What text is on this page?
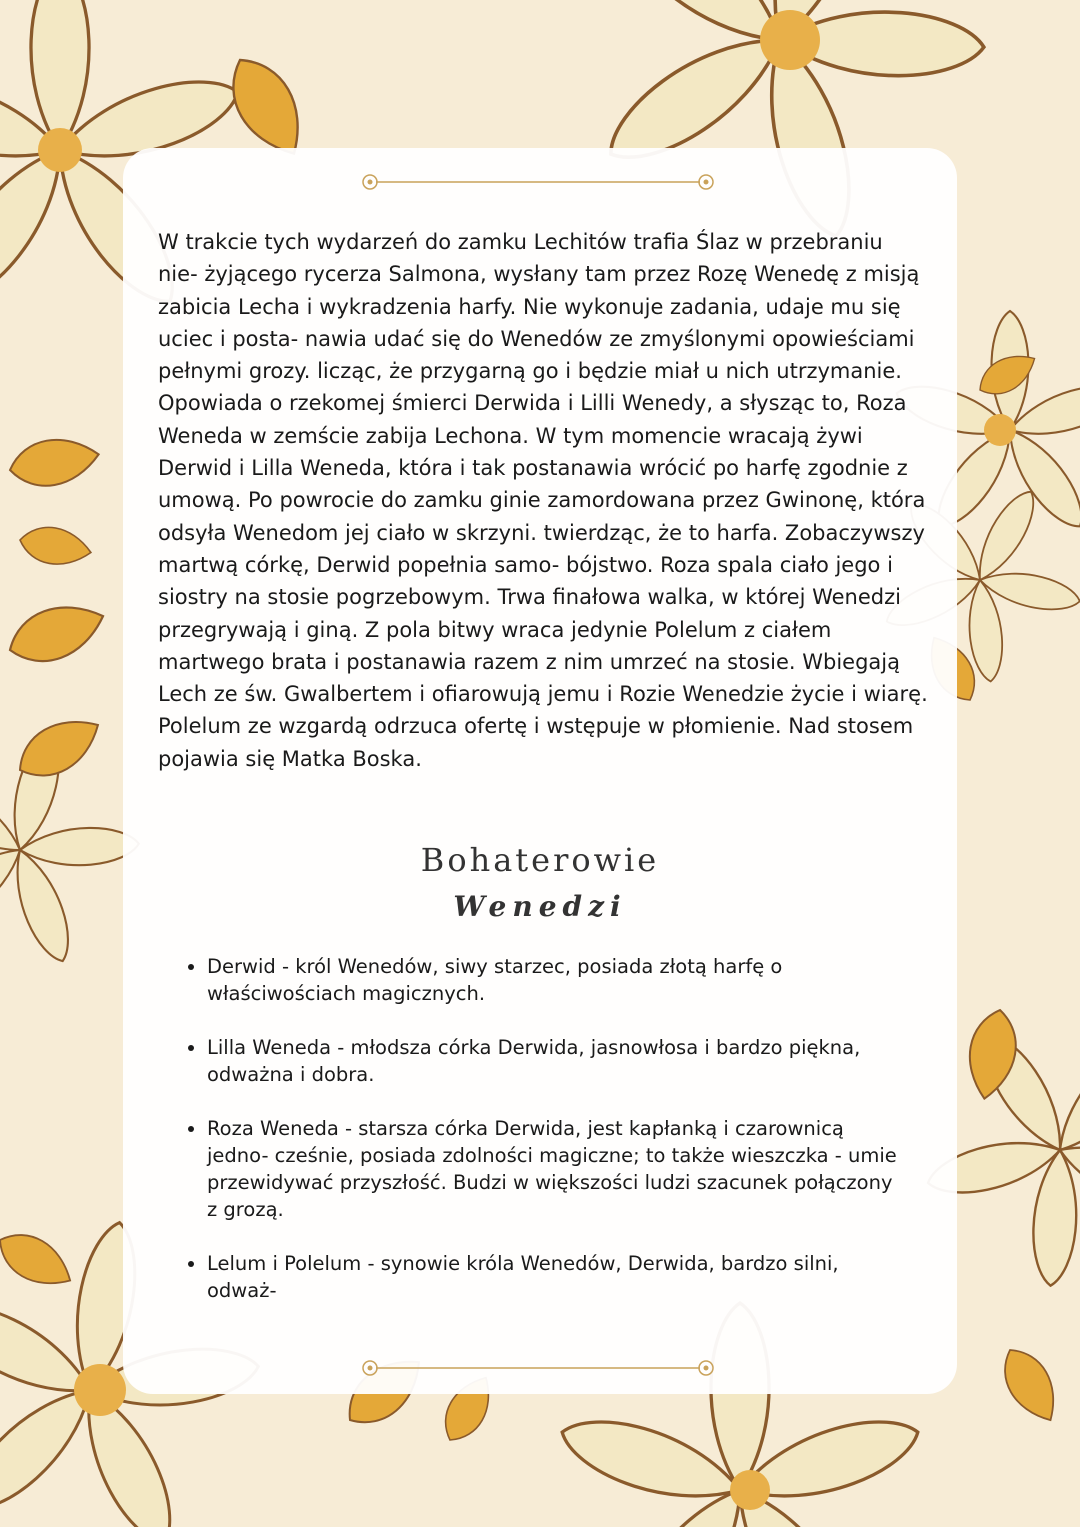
W trakcie tych wydarzeń do zamku Lechitów trafia Ślaz w przebraniu nie- żyjącego rycerza Salmona, wysłany tam przez Rozę Wenedę z misją zabicia Lecha i wykradzenia harfy. Nie wykonuje zadania, udaje mu się uciec i posta- nawia udać się do Wenedów ze zmyślonymi opowieściami pełnymi grozy. licząc, że przygarną go i będzie miał u nich utrzymanie. Opowiada o rzekomej śmierci Derwida i Lilli Wenedy, a słysząc to, Roza Weneda w zemście zabija Lechona. W tym momencie wracają żywi Derwid i Lilla Weneda, która i tak postanawia wrócić po harfę zgodnie z umową. Po powrocie do zamku ginie zamordowana przez Gwinonę, która odsyła Wenedom jej ciało w skrzyni. twierdząc, że to harfa. Zobaczywszy martwą córkę, Derwid popełnia samo- bójstwo. Roza spala ciało jego i siostry na stosie pogrzebowym. Trwa finałowa walka, w której Wenedzi przegrywają i giną. Z pola bitwy wraca jedynie Polelum z ciałem martwego brata i postanawia razem z nim umrzeć na stosie. Wbiegają Lech ze św. Gwalbertem i ofiarowują jemu i Rozie Wenedzie życie i wiarę. Polelum ze wzgardą odrzuca ofertę i wstępuje w płomienie. Nad stosem pojawia się Matka Boska.

Bohaterowie
Wenedzi
Derwid - król Wenedów, siwy starzec, posiada złotą harfę o właściwościach magicznych.
Lilla Weneda - młodsza córka Derwida, jasnowłosa i bardzo piękna, odważna i dobra.
Roza Weneda - starsza córka Derwida, jest kapłanką i czarownicą jedno- cześnie, posiada zdolności magiczne; to także wieszczka - umie przewidywać przyszłość. Budzi w większości ludzi szacunek połączony z grozą.
Lelum i Polelum - synowie króla Wenedów, Derwida, bardzo silni, odważ-
